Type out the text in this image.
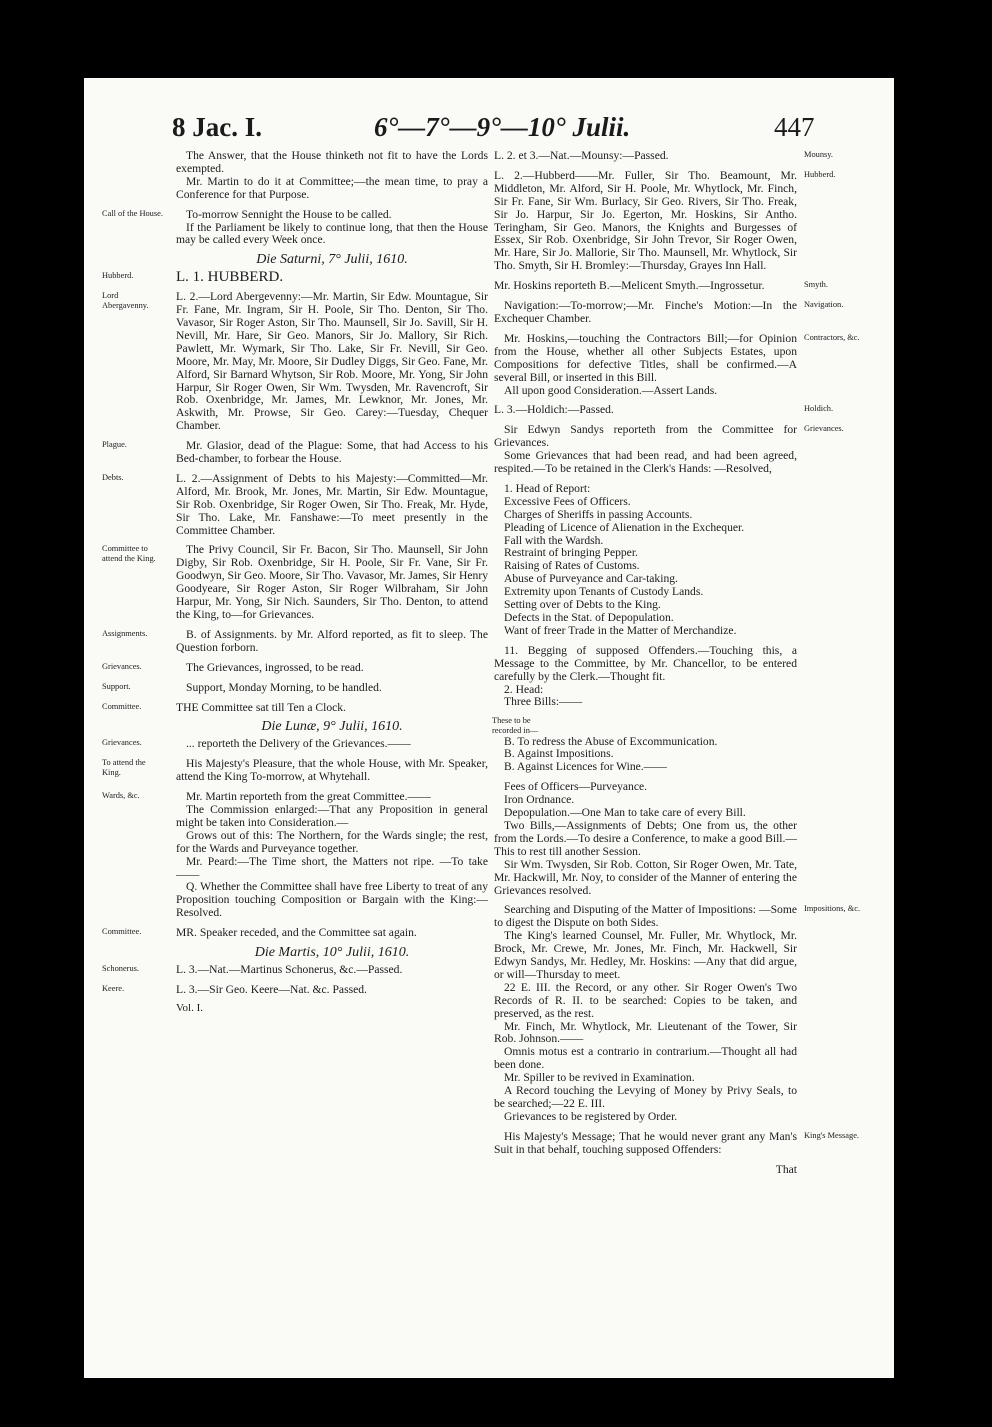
8 Jac. I.	6°—7°—9°—10° Julii.	447

The Answer, that the House thinketh not fit to have the Lords exempted.

Mr. Martin to do it at Committee;—the mean time, to pray a Conference for that Purpose.

Call of the House.	To-morrow Sennight the House to be called.

If the Parliament be likely to continue long, that then the House may be called every Week once.

Die Saturni, 7° Julii, 1610.
Hubberd.	L. 1. HUBBERD.

Lord Abergavenny.

L. 2.—Lord Abergevenny:—Mr. Martin, Sir Edw. Mountague, Sir Fr. Fane, Mr. Ingram, Sir H. Poole, Sir Tho. Denton, Sir Tho. Vavasor, Sir Roger Aston, Sir Tho. Maunsell, Sir Jo. Savill, Sir H. Nevill, Mr. Hare, Sir Geo. Manors, Sir Jo. Mallory, Sir Rich. Pawlett, Mr. Wymark, Sir Tho. Lake, Sir Fr. Nevill, Sir Geo. Moore, Mr. May, Mr. Moore, Sir Dudley Diggs, Sir Geo. Fane, Mr. Alford, Sir Barnard Whytson, Sir Rob. Moore, Mr. Yong, Sir John Harpur, Sir Roger Owen, Sir Wm. Twysden, Mr. Ravencroft, Sir Rob. Oxenbridge, Mr. James, Mr. Lewknor, Mr. Jones, Mr. Askwith, Mr. Prowse, Sir Geo. Carey:—Tuesday, Chequer Chamber.

Plague.	Mr. Glasior, dead of the Plague: Some, that had Access to his Bed-chamber, to forbear the House.

Debts.	L. 2.—Assignment of Debts to his Majesty:—Committed—Mr. Alford, Mr. Brook, Mr. Jones, Mr. Martin, Sir Edw. Mountague, Sir Rob. Oxenbridge, Sir Roger Owen, Sir Tho. Freak, Mr. Hyde, Sir Tho. Lake, Mr. Fanshawe:—To meet presently in the Committee Chamber.

Committee to attend the King.

The Privy Council, Sir Fr. Bacon, Sir Tho. Maunsell, Sir John Digby, Sir Rob. Oxenbridge, Sir H. Poole, Sir Fr. Vane, Sir Fr. Goodwyn, Sir Geo. Moore, Sir Tho. Vavasor, Mr. James, Sir Henry Goodyeare, Sir Roger Aston, Sir Roger Wilbraham, Sir John Harpur, Mr. Yong, Sir Nich. Saunders, Sir Tho. Denton, to attend the King, to—for Grievances.

Assignments.	B. of Assignments. by Mr. Alford reported, as fit to sleep. The Question forborn.

Grievances.	The Grievances, ingrossed, to be read.

Support.	Support, Monday Morning, to be handled.

Committee.	THE Committee sat till Ten a Clock.

Die Lunæ, 9° Julii, 1610.
Grievances.	... reporteth the Delivery of the Grievances.——

To attend the King.

His Majesty's Pleasure, that the whole House, with Mr. Speaker, attend the King To-morrow, at Whytehall.

Wards, &c.	Mr. Martin reporteth from the great Committee.——

The Commission enlarged:—That any Proposition in general might be taken into Consideration.—

Grows out of this: The Northern, for the Wards single; the rest, for the Wards and Purveyance together.

Mr. Peard:—The Time short, the Matters not ripe. —To take——

Q. Whether the Committee shall have free Liberty to treat of any Proposition touching Composition or Bargain with the King:—Resolved.

Committee.	MR. Speaker receded, and the Committee sat again.

Die Martis, 10° Julii, 1610.
Schonerus.	L. 3.—Nat.—Martinus Schonerus, &c.—Passed.

Keere.	L. 3.—Sir Geo. Keere—Nat. &c. Passed.

Vol. I.
Mounsy.

L. 2. et 3.—Nat.—Mounsy:—Passed.

Hubberd.

L. 2.—Hubberd——Mr. Fuller, Sir Tho. Beamount, Mr. Middleton, Mr. Alford, Sir H. Poole, Mr. Whytlock, Mr. Finch, Sir Fr. Fane, Sir Wm. Burlacy, Sir Geo. Rivers, Sir Tho. Freak, Sir Jo. Harpur, Sir Jo. Egerton, Mr. Hoskins, Sir Antho. Teringham, Sir Geo. Manors, the Knights and Burgesses of Essex, Sir Rob. Oxenbridge, Sir John Trevor, Sir Roger Owen, Mr. Hare, Sir Jo. Mallorie, Sir Tho. Maunsell, Mr. Whytlock, Sir Tho. Smyth, Sir H. Bromley:—Thursday, Grayes Inn Hall.

Smyth.

Mr. Hoskins reporteth B.—Melicent Smyth.—Ingrossetur.

Navigation.

Navigation:—To-morrow;—Mr. Finche's Motion:—In the Exchequer Chamber.

Contractors, &c.

Mr. Hoskins,—touching the Contractors Bill;—for Opinion from the House, whether all other Subjects Estates, upon Compositions for defective Titles, shall be confirmed.—A several Bill, or inserted in this Bill.

All upon good Consideration.—Assert Lands.

Holdich.

L. 3.—Holdich:—Passed.

Grievances.

Sir Edwyn Sandys reporteth from the Committee for Grievances.

Some Grievances that had been read, and had been agreed, respited.—To be retained in the Clerk's Hands: —Resolved,

1. Head of Report:

Excessive Fees of Officers.

Charges of Sheriffs in passing Accounts.

Pleading of Licence of Alienation in the Exchequer.

Fall with the Wardsh.

Restraint of bringing Pepper.

Raising of Rates of Customs.

Abuse of Purveyance and Car-taking.

Extremity upon Tenants of Custody Lands.

Setting over of Debts to the King.

Defects in the Stat. of Depopulation.

Want of freer Trade in the Matter of Merchandize.

11. Begging of supposed Offenders.—Touching this, a Message to the Committee, by Mr. Chancellor, to be entered carefully by the Clerk.—Thought fit.

2. Head:

Three Bills:——

These to be recorded in—

B. To redress the Abuse of Excommunication.

B. Against Impositions.

B. Against Licences for Wine.——

Fees of Officers—Purveyance.

Iron Ordnance.

Depopulation.—One Man to take care of every Bill.

Two Bills,—Assignments of Debts; One from us, the other from the Lords.—To desire a Conference, to make a good Bill.—This to rest till another Session.

Sir Wm. Twysden, Sir Rob. Cotton, Sir Roger Owen, Mr. Tate, Mr. Hackwill, Mr. Noy, to consider of the Manner of entering the Grievances resolved.

Impositions, &c.

Searching and Disputing of the Matter of Impositions: —Some to digest the Dispute on both Sides.

The King's learned Counsel, Mr. Fuller, Mr. Whytlock, Mr. Brock, Mr. Crewe, Mr. Jones, Mr. Finch, Mr. Hackwell, Sir Edwyn Sandys, Mr. Hedley, Mr. Hoskins: —Any that did argue, or will—Thursday to meet.

22 E. III. the Record, or any other. Sir Roger Owen's Two Records of R. II. to be searched: Copies to be taken, and preserved, as the rest.

Mr. Finch, Mr. Whytlock, Mr. Lieutenant of the Tower, Sir Rob. Johnson.——

Omnis motus est a contrario in contrarium.—Thought all had been done.

Mr. Spiller to be revived in Examination.

A Record touching the Levying of Money by Privy Seals, to be searched;—22 E. III.

Grievances to be registered by Order.

King's Message.

His Majesty's Message; That he would never grant any Man's Suit in that behalf, touching supposed Offenders:

That
